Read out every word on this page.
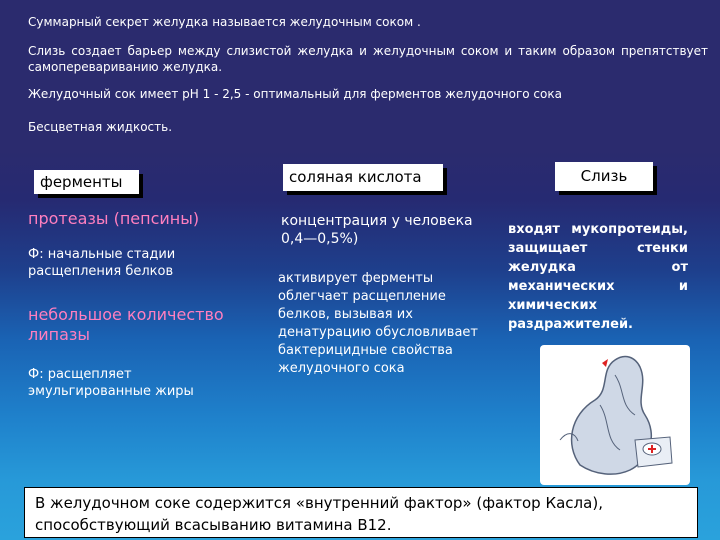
Суммарный секрет желудка называется желудочным соком .

Слизь создает барьер между слизистой желудка и желудочным соком и таким образом препятствует самоперевариванию желудка.

Желудочный сок имеет рН 1 - 2,5 - оптимальный для ферментов желудочного сока

Бесцветная жидкость.

ферменты	соляная кислота	Слизь

протеазы (пепсины)

Ф: начальные стадии расщепления белков

небольшое количество липазы

Ф: расщепляет эмульгированные жиры

концентрация у человека 0,4—0,5%)

активирует ферменты облегчает расщепление белков, вызывая их денатурацию обусловливает бактерицидные свойства желудочного сока

входят мукопротеиды, защищает стенки желудка от механических и химических раздражителей.

В желудочном соке содержится «внутренний фактор» (фактор Касла), способствующий всасыванию витамина В12.
